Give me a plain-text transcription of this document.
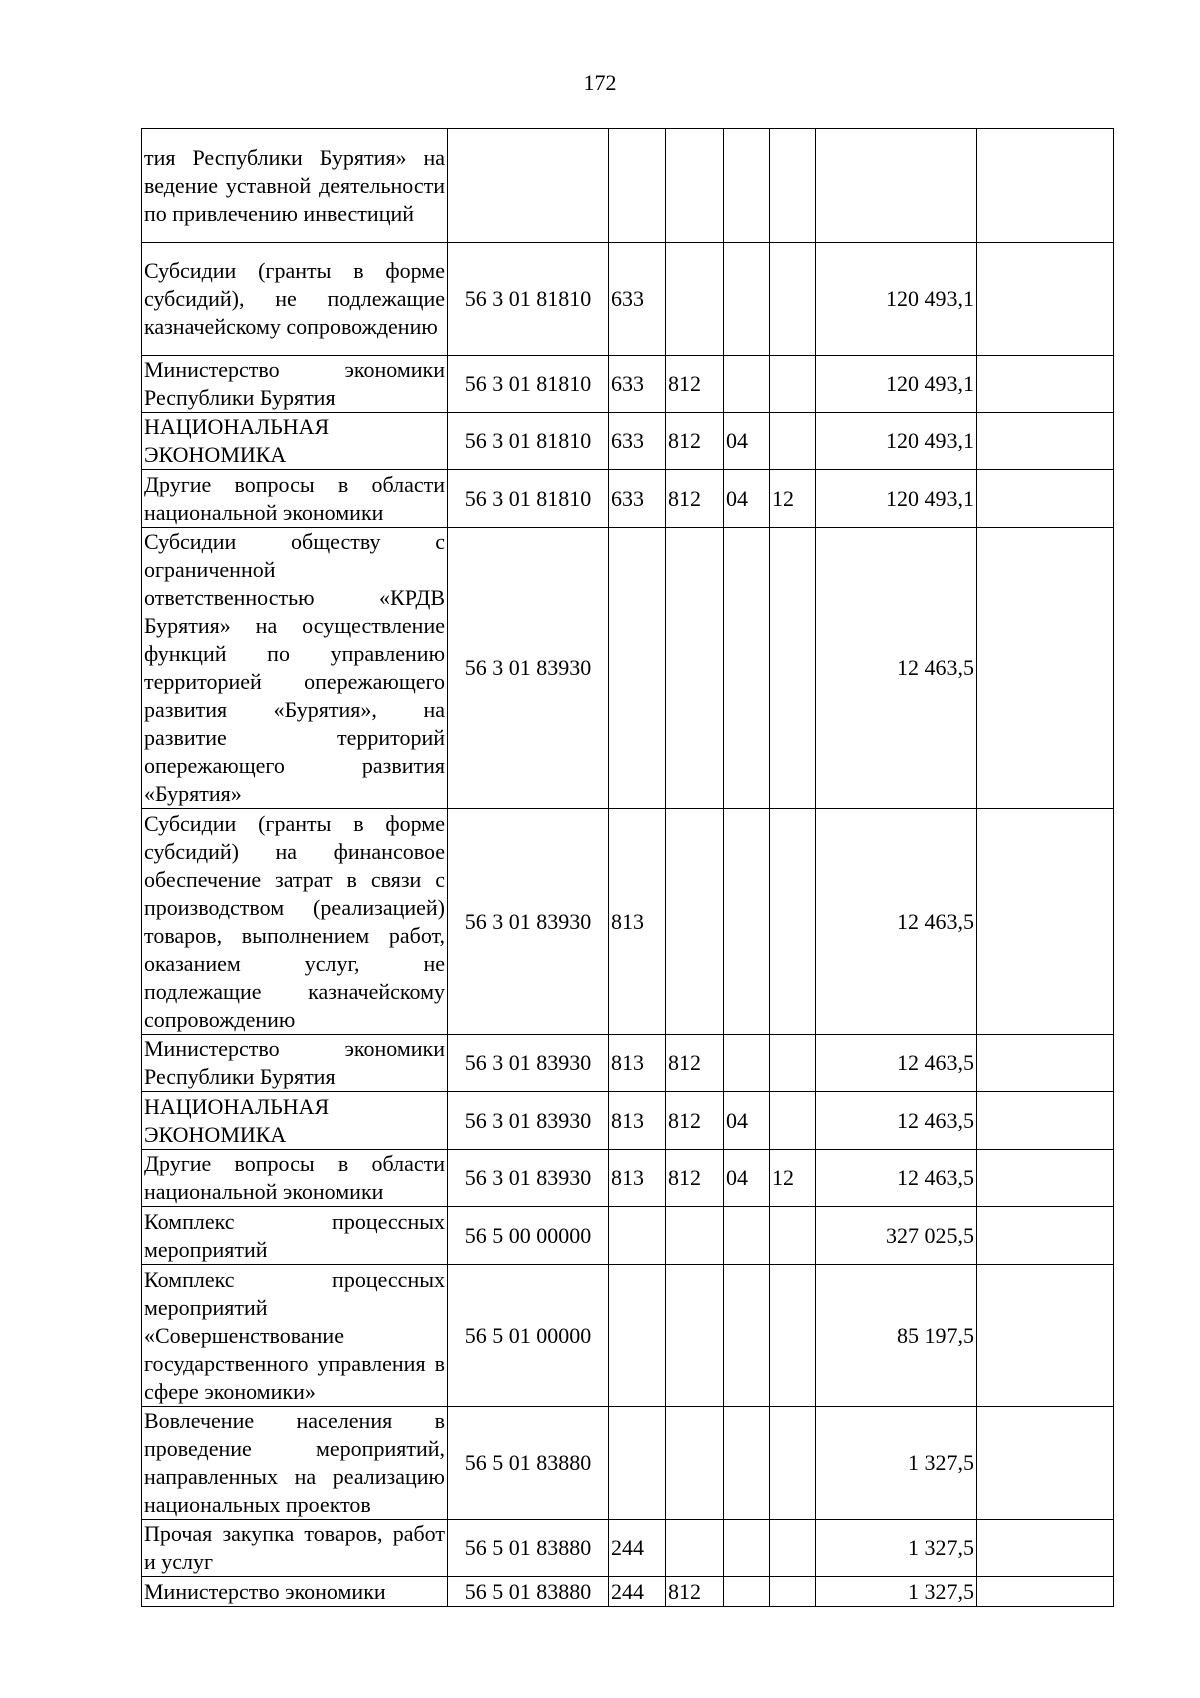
172
тия Республики Бурятия» на ведение уставной деятельности по привлечению инвестиций							
Субсидии (гранты в форме субсидий), не подлежащие казначейскому сопровождению	56 3 01 81810	633				120 493,1	
Министерство экономики Республики Бурятия	56 3 01 81810	633	812			120 493,1	
НАЦИОНАЛЬНАЯ ЭКОНОМИКА	56 3 01 81810	633	812	04		120 493,1	
Другие вопросы в области национальной экономики	56 3 01 81810	633	812	04	12	120 493,1	
Субсидии обществу с ограниченной ответственностью «КРДВ Бурятия» на осуществление функций по управлению территорией опережающего развития «Бурятия», на развитие территорий опережающего развития «Бурятия»	56 3 01 83930					12 463,5	
Субсидии (гранты в форме субсидий) на финансовое обеспечение затрат в связи с производством (реализацией) товаров, выполнением работ, оказанием услуг, не подлежащие казначейскому сопровождению	56 3 01 83930	813				12 463,5	
Министерство экономики Республики Бурятия	56 3 01 83930	813	812			12 463,5	
НАЦИОНАЛЬНАЯ ЭКОНОМИКА	56 3 01 83930	813	812	04		12 463,5	
Другие вопросы в области национальной экономики	56 3 01 83930	813	812	04	12	12 463,5	
Комплекс процессных мероприятий	56 5 00 00000					327 025,5	
Комплекс процессных мероприятий «Совершенствование государственного управления в сфере экономики»	56 5 01 00000					85 197,5	
Вовлечение населения в проведение мероприятий, направленных на реализацию национальных проектов	56 5 01 83880					1 327,5	
Прочая закупка товаров, работ и услуг	56 5 01 83880	244				1 327,5	
Министерство экономики	56 5 01 83880	244	812			1 327,5	
